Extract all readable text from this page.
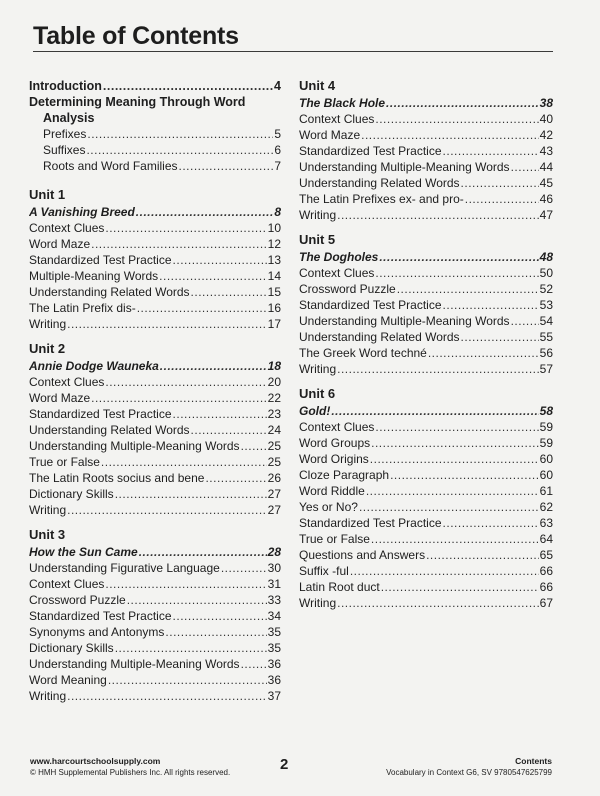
Table of Contents
Introduction .....	4
Determining Meaning Through Word
Analysis
Prefixes .....	5
Suffixes .....	6
Roots and Word Families .....	7
Unit 1
A Vanishing Breed .....	8
Context Clues .....	10
Word Maze .....	12
Standardized Test Practice .....	13
Multiple-Meaning Words .....	14
Understanding Related Words .....	15
The Latin Prefix dis- .....	16
Writing .....	17
Unit 2
Annie Dodge Wauneka .....	18
Context Clues .....	20
Word Maze .....	22
Standardized Test Practice .....	23
Understanding Related Words .....	24
Understanding Multiple-Meaning Words ..... 25
True or False .....	25
The Latin Roots socius and bene .....	26
Dictionary Skills .....	27
Writing .....	27
Unit 3
How the Sun Came .....	28
Understanding Figurative Language .....	30
Context Clues .....	31
Crossword Puzzle .....	33
Standardized Test Practice .....	34
Synonyms and Antonyms .....	35
Dictionary Skills .....	35
Understanding Multiple-Meaning Words ..... 36
Word Meaning .....	36
Writing .....	37
Unit 4
The Black Hole .....	38
Context Clues .....	40
Word Maze .....	42
Standardized Test Practice .....	43
Understanding Multiple-Meaning Words .....	44
Understanding Related Words .....	45
The Latin Prefixes ex- and pro- .....	46
Writing .....	47
Unit 5
The Dogholes .....	48
Context Clues .....	50
Crossword Puzzle .....	52
Standardized Test Practice .....	53
Understanding Multiple-Meaning Words .....	54
Understanding Related Words .....	55
The Greek Word techné .....	56
Writing .....	57
Unit 6
Gold! .....	58
Context Clues .....	59
Word Groups .....	59
Word Origins .....	60
Cloze Paragraph .....	60
Word Riddle .....	61
Yes or No? .....	62
Standardized Test Practice .....	63
True or False .....	64
Questions and Answers .....	65
Suffix -ful .....	66
Latin Root duct .....	66
Writing .....	67
www.harcourtschoolsupply.com
© HMH Supplemental Publishers Inc. All rights reserved.	2	Contents
Vocabulary in Context G6, SV 9780547625799
